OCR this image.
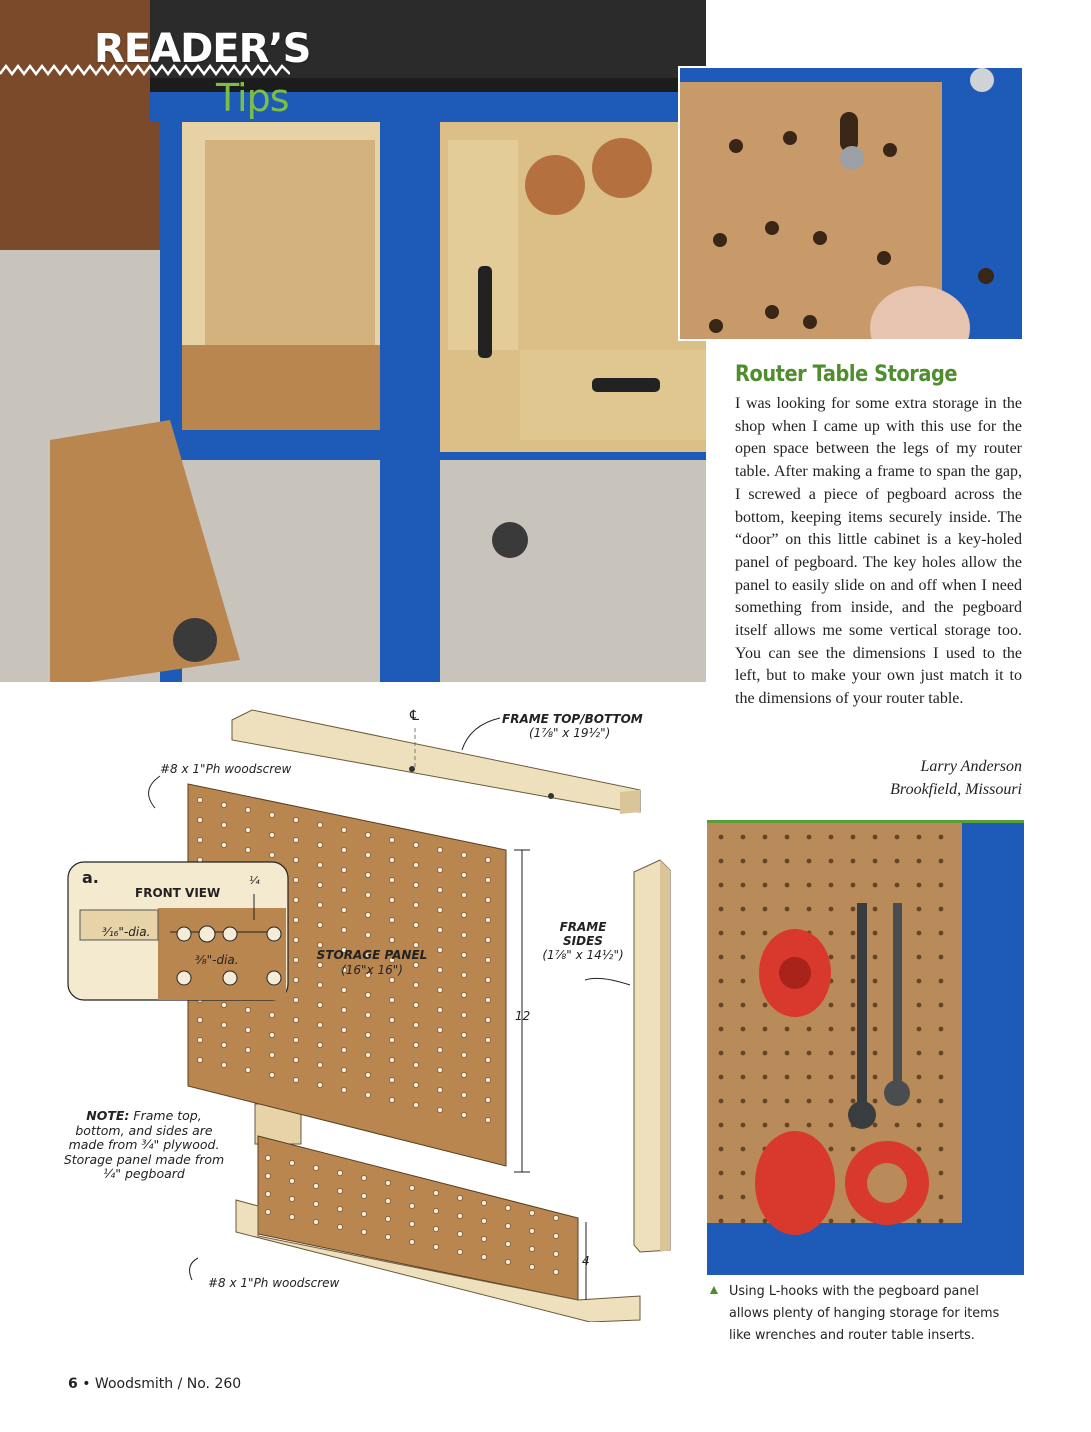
READER’S
Tips
Router Table Storage
I was looking for some extra storage in the shop when I came up with this use for the open space between the legs of my router table. After making a frame to span the gap, I screwed a piece of pegboard across the bottom, keeping items securely inside. The “door” on this little cabinet is a key-holed panel of pegboard. The key holes allow the panel to easily slide on and off when I need something from inside, and the pegboard itself allows me some vertical storage too. You can see the dimensions I used to the left, but to make your own just match it to the dimensions of your router table.
Larry Anderson
Brookfield, Missouri
▲ Using L-hooks with the pegboard panel allows plenty of hanging storage for items like wrenches and router table inserts.
FRAME TOP/BOTTOM
(1⅞" x 19½")
℄
#8 x 1"Ph woodscrew
a.
FRONT VIEW
¼
³⁄₁₆"-dia.
³⁄₈"-dia.	STORAGE PANEL
(16"x 16")
FRAME
SIDES
(1⅞" x 14½")
12
4
#8 x 1"Ph woodscrew
NOTE: Frame top,
bottom, and sides are
made from ¾" plywood.
Storage panel made from
¼" pegboard
6 • Woodsmith / No. 260
